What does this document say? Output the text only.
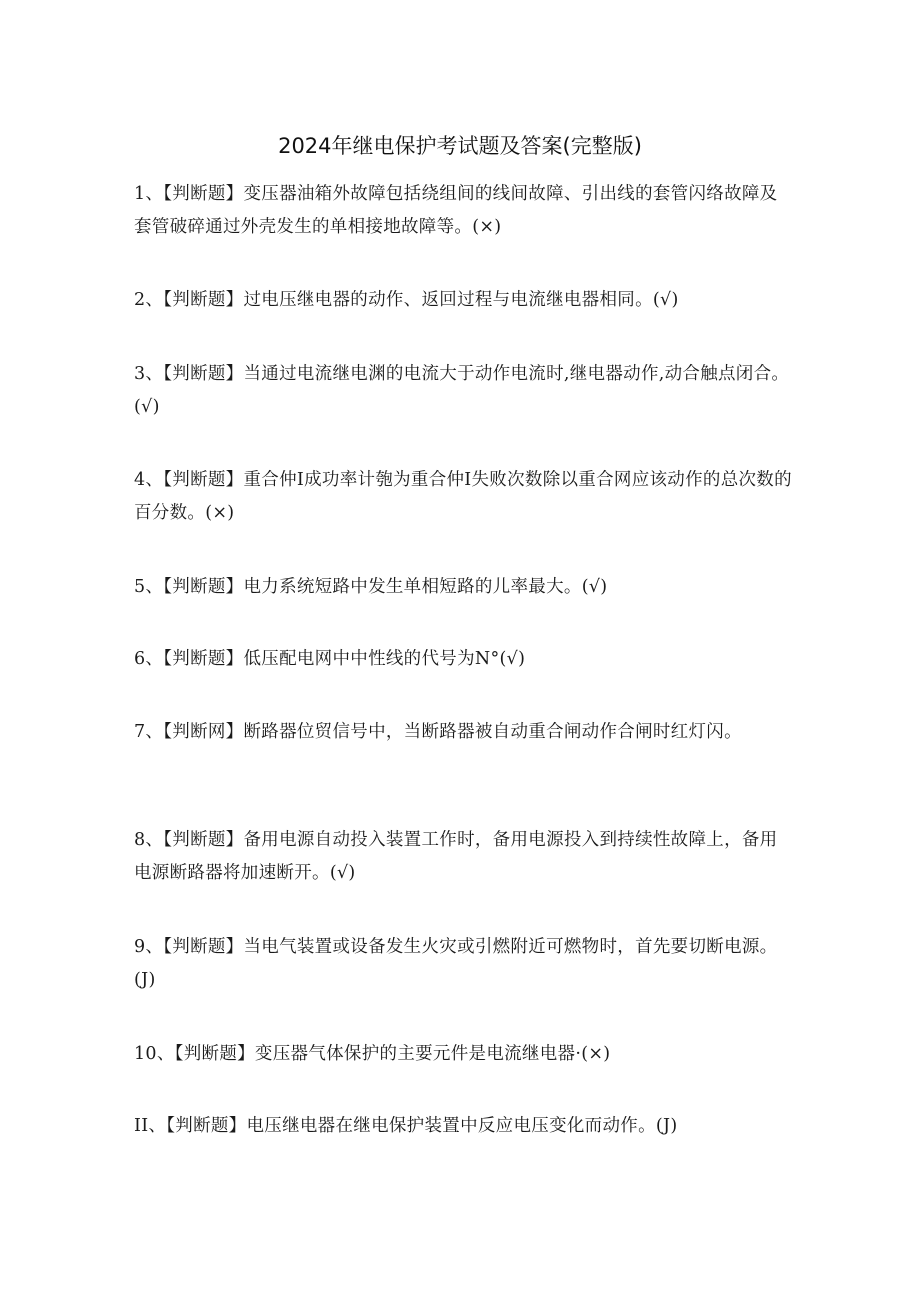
2024年继电保护考试题及答案(完整版)
1、【判断题】变压器油箱外故障包括绕组间的线间故障、引出线的套管闪络故障及套管破碎通过外壳发生的单相接地故障等。(×)
2、【判断题】过电压继电器的动作、返回过程与电流继电器相同。(√)
3、【判断题】当通过电流继电渊的电流大于动作电流时,继电器动作,动合触点闭合。(√)
4、【判断题】重合仲I成功率计匏为重合仲I失败次数除以重合网应该动作的总次数的百分数。(×)
5、【判断题】电力系统短路中发生单相短路的儿率最大。(√)
6、【判断题】低压配电网中中性线的代号为N°(√)
7、【判断网】断路器位贸信号中，当断路器被自动重合闸动作合闸时红灯闪。
8、【判断题】备用电源自动投入装置工作时，备用电源投入到持续性故障上，备用电源断路器将加速断开。(√)
9、【判断题】当电气装置或设备发生火灾或引燃附近可燃物时，首先要切断电源。(J)
10、【判断题】变压器气体保护的主要元件是电流继电器·(×)
II、【判断题】电压继电器在继电保护装置中反应电压变化而动作。(J)
